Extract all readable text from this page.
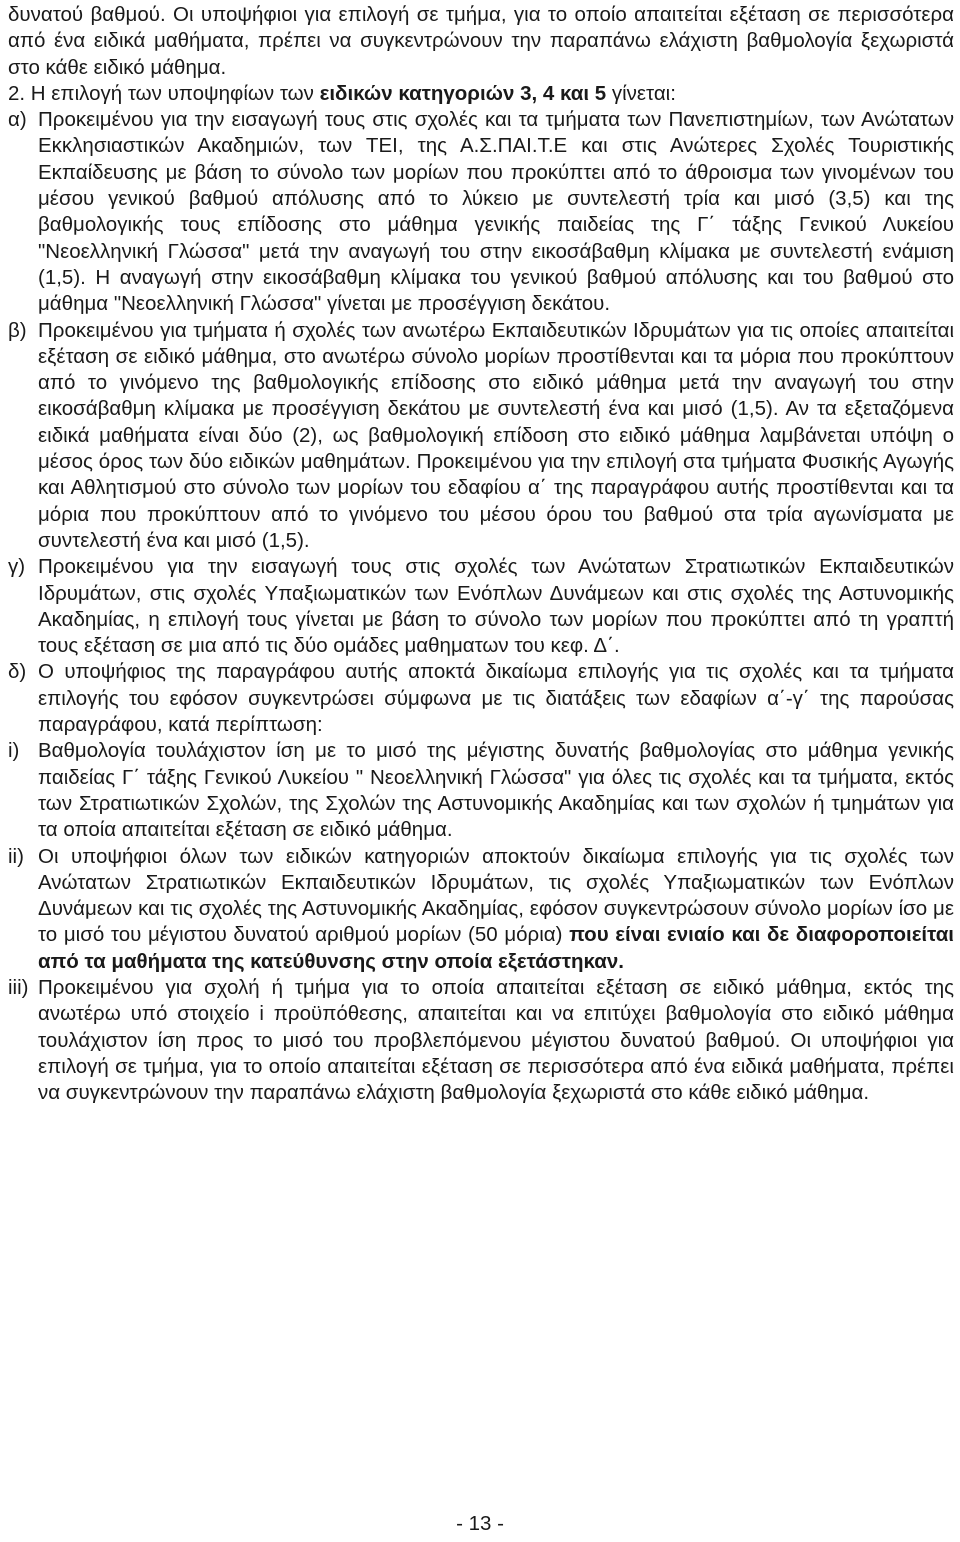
δυνατού βαθμού. Οι υποψήφιοι για επιλογή σε τμήμα, για το οποίο απαιτείται εξέταση σε περισσότερα από ένα ειδικά μαθήματα, πρέπει να συγκεντρώνουν την παραπάνω ελάχιστη βαθμολογία ξεχωριστά στο κάθε ειδικό μάθημα.

2. Η επιλογή των υποψηφίων των ειδικών κατηγοριών 3, 4 και 5 γίνεται:

α) Προκειμένου για την εισαγωγή τους στις σχολές και τα τμήματα των Πανεπιστημίων, των Ανώτατων Εκκλησιαστικών Ακαδημιών, των ΤΕΙ, της Α.Σ.ΠΑΙ.Τ.Ε και στις Ανώτερες Σχολές Τουριστικής Εκπαίδευσης με βάση το σύνολο των μορίων που προκύπτει από το άθροισμα των γινομένων του μέσου γενικού βαθμού απόλυσης από το λύκειο με συντελεστή τρία και μισό (3,5) και της βαθμολογικής τους επίδοσης στο μάθημα γενικής παιδείας της Γ΄ τάξης Γενικού Λυκείου "Νεοελληνική Γλώσσα" μετά την αναγωγή του στην εικοσάβαθμη κλίμακα με συντελεστή ενάμιση (1,5). Η αναγωγή στην εικοσάβαθμη κλίμακα του γενικού βαθμού απόλυσης και του βαθμού στο μάθημα "Νεοελληνική Γλώσσα" γίνεται με προσέγγιση δεκάτου.
β) Προκειμένου για τμήματα ή σχολές των ανωτέρω Εκπαιδευτικών Ιδρυμάτων για τις οποίες απαιτείται εξέταση σε ειδικό μάθημα, στο ανωτέρω σύνολο μορίων προστίθενται και τα μόρια που προκύπτουν από το γινόμενο της βαθμολογικής επίδοσης στο ειδικό μάθημα μετά την αναγωγή του στην εικοσάβαθμη κλίμακα με προσέγγιση δεκάτου με συντελεστή ένα και μισό (1,5). Αν τα εξεταζόμενα ειδικά μαθήματα είναι δύο (2), ως βαθμολογική επίδοση στο ειδικό μάθημα λαμβάνεται υπόψη ο μέσος όρος των δύο ειδικών μαθημάτων. Προκειμένου για την επιλογή στα τμήματα Φυσικής Αγωγής και Αθλητισμού στο σύνολο των μορίων του εδαφίου α΄ της παραγράφου αυτής προστίθενται και τα μόρια που προκύπτουν από το γινόμενο του μέσου όρου του βαθμού στα τρία αγωνίσματα με συντελεστή ένα και μισό (1,5).
γ) Προκειμένου για την εισαγωγή τους στις σχολές των Ανώτατων Στρατιωτικών Εκπαιδευτικών Ιδρυμάτων, στις σχολές Υπαξιωματικών των Ενόπλων Δυνάμεων και στις σχολές της Αστυνομικής Ακαδημίας, η επιλογή τους γίνεται με βάση το σύνολο των μορίων που προκύπτει από τη γραπτή τους εξέταση σε μια από τις δύο ομάδες μαθηματων του κεφ. Δ΄.
δ) Ο υποψήφιος της παραγράφου αυτής αποκτά δικαίωμα επιλογής για τις σχολές και τα τμήματα επιλογής του εφόσον συγκεντρώσει σύμφωνα με τις διατάξεις των εδαφίων α΄-γ΄ της παρούσας παραγράφου, κατά περίπτωση:
i) Βαθμολογία τουλάχιστον ίση με το μισό της μέγιστης δυνατής βαθμολογίας στο μάθημα γενικής παιδείας Γ΄ τάξης Γενικού Λυκείου " Νεοελληνική Γλώσσα" για όλες τις σχολές και τα τμήματα, εκτός των Στρατιωτικών Σχολών, της Σχολών της Αστυνομικής Ακαδημίας και των σχολών ή τμημάτων για τα οποία απαιτείται εξέταση σε ειδικό μάθημα.
ii) Οι υποψήφιοι όλων των ειδικών κατηγοριών αποκτούν δικαίωμα επιλογής για τις σχολές των Ανώτατων Στρατιωτικών Εκπαιδευτικών Ιδρυμάτων, τις σχολές Υπαξιωματικών των Ενόπλων Δυνάμεων και τις σχολές της Αστυνομικής Ακαδημίας, εφόσον συγκεντρώσουν σύνολο μορίων ίσο με το μισό του μέγιστου δυνατού αριθμού μορίων (50 μόρια) που είναι ενιαίο και δε διαφοροποιείται από τα μαθήματα της κατεύθυνσης στην οποία εξετάστηκαν.
iii) Προκειμένου για σχολή ή τμήμα για το οποία απαιτείται εξέταση σε ειδικό μάθημα, εκτός της ανωτέρω υπό στοιχείο i προϋπόθεσης, απαιτείται και να επιτύχει βαθμολογία στο ειδικό μάθημα τουλάχιστον ίση προς το μισό του προβλεπόμενου μέγιστου δυνατού βαθμού. Οι υποψήφιοι για επιλογή σε τμήμα, για το οποίο απαιτείται εξέταση σε περισσότερα από ένα ειδικά μαθήματα, πρέπει να συγκεντρώνουν την παραπάνω ελάχιστη βαθμολογία ξεχωριστά στο κάθε ειδικό μάθημα.
- 13 -
